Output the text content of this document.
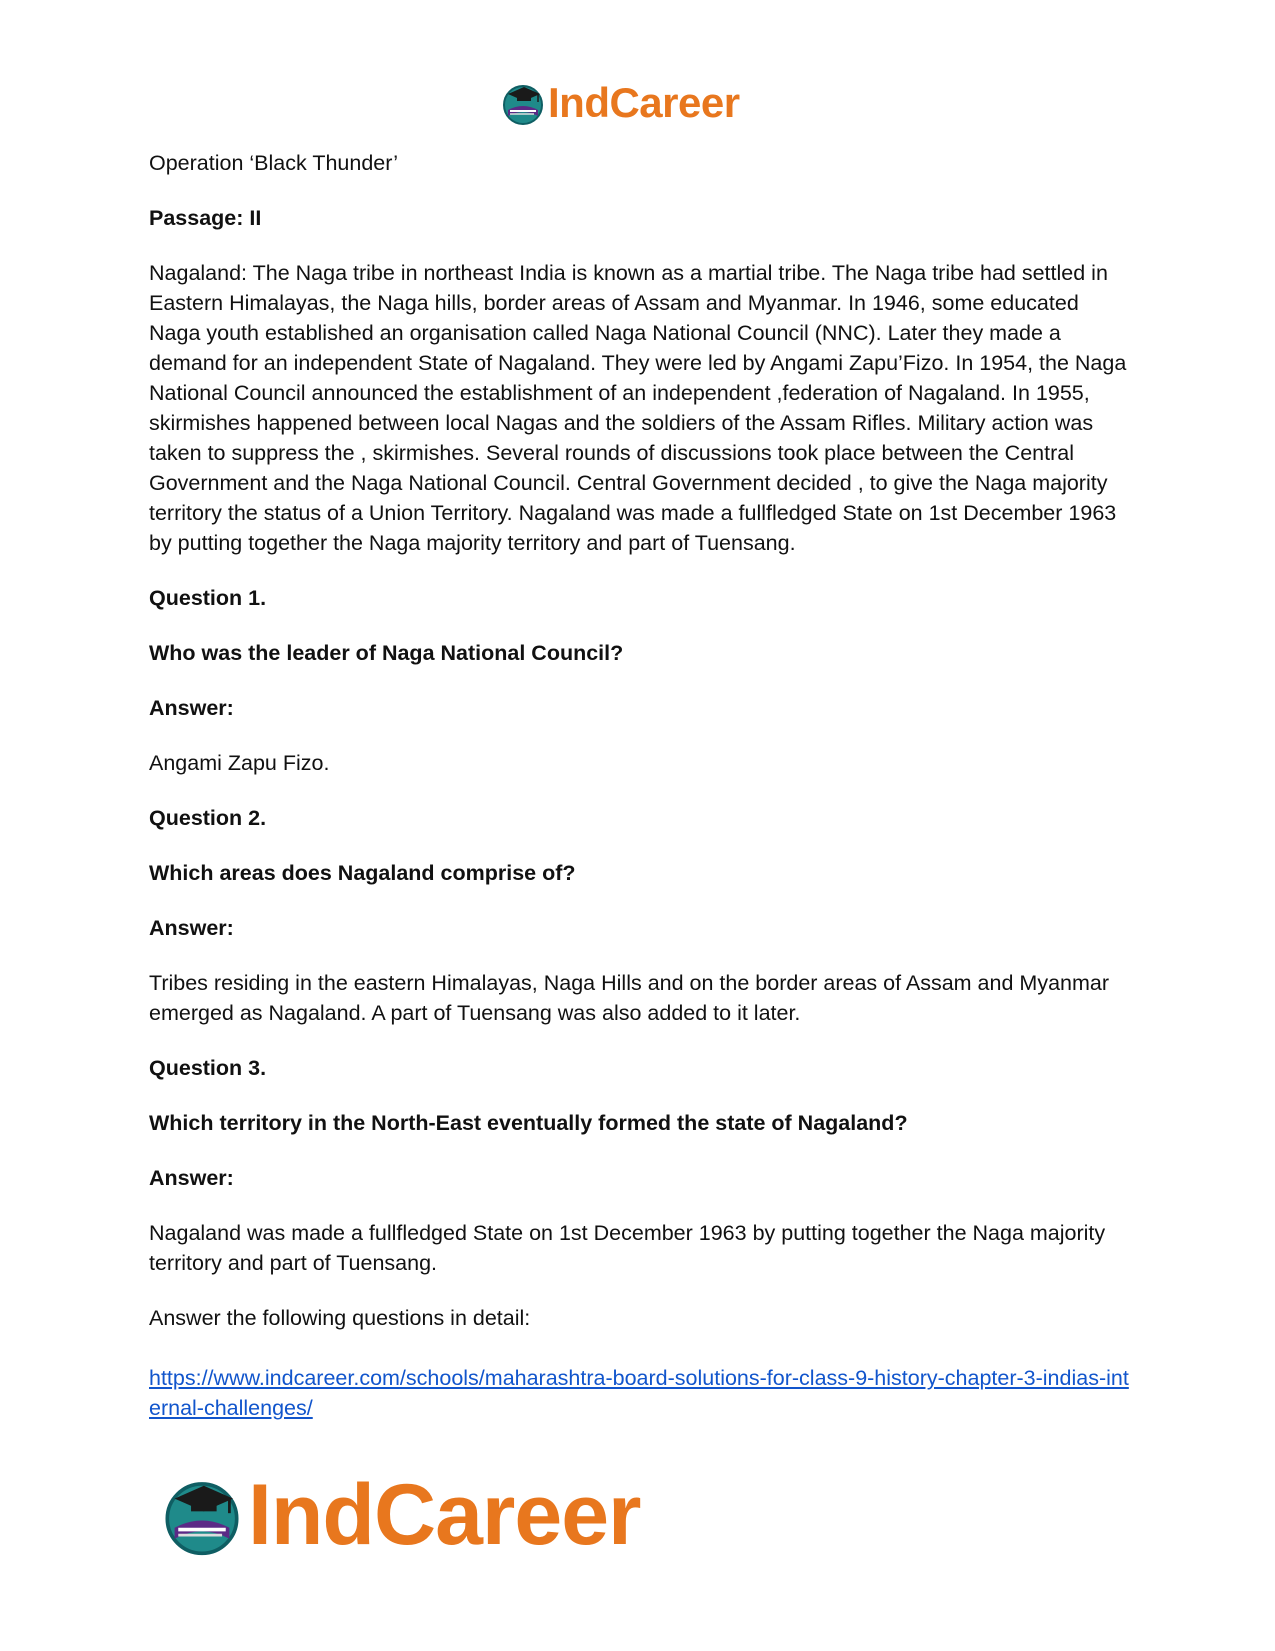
IndCareer

Operation ‘Black Thunder’

Passage: II

Nagaland: The Naga tribe in northeast India is known as a martial tribe. The Naga tribe had settled in Eastern Himalayas, the Naga hills, border areas of Assam and Myanmar. In 1946, some educated Naga youth established an organisation called Naga National Council (NNC). Later they made a demand for an independent State of Nagaland. They were led by Angami Zapu’Fizo. In 1954, the Naga National Council announced the establishment of an independent ,federation of Nagaland. In 1955, skirmishes happened between local Nagas and the soldiers of the Assam Rifles. Military action was taken to suppress the , skirmishes. Several rounds of discussions took place between the Central Government and the Naga National Council. Central Government decided , to give the Naga majority territory the status of a Union Territory. Nagaland was made a fullfledged State on 1st December 1963 by putting together the Naga majority territory and part of Tuensang.

Question 1.

Who was the leader of Naga National Council?

Answer:

Angami Zapu Fizo.

Question 2.

Which areas does Nagaland comprise of?

Answer:

Tribes residing in the eastern Himalayas, Naga Hills and on the border areas of Assam and Myanmar emerged as Nagaland. A part of Tuensang was also added to it later.

Question 3.

Which territory in the North-East eventually formed the state of Nagaland?

Answer:

Nagaland was made a fullfledged State on 1st December 1963 by putting together the Naga majority territory and part of Tuensang.

Answer the following questions in detail:

https://www.indcareer.com/schools/maharashtra-board-solutions-for-class-9-history-chapter-3-indias-internal-challenges/

IndCareer
